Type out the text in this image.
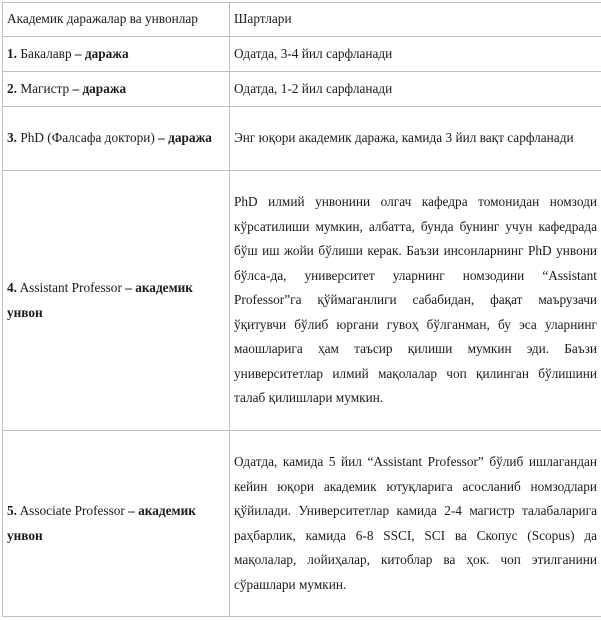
Академик даражалар ва унвонлар	Шартлари
1. Бакалавр – даража	Одатда, 3-4 йил сарфланади
2. Магистр – даража	Одатда, 1-2 йил сарфланади
3. PhD (Фалсафа доктори) – даража	Энг юқори академик даража, камида 3 йил вақт сарфланади
4. Assistant Professor – академик унвон	PhD илмий унвонини олгач кафедра томонидан номзоди кўрсатилиши мумкин, албатта, бунда бунинг учун кафедрада бўш иш жойи бўлиши керак. Баъзи инсонларнинг PhD унвони бўлса-да, университет уларнинг номзодини “Assistant Professor”га қўймаганлиги сабабидан, фақат маърузачи ўқитувчи бўлиб юргани гувоҳ бўлганман, бу эса уларнинг маошларига ҳам таъсир қилиши мумкин эди. Баъзи университетлар илмий мақолалар чоп қилинган бўлишини талаб қилишлари мумкин.
5. Associate Professor – академик унвон	Одатда, камида 5 йил “Assistant Professor” бўлиб ишлагандан кейин юқори академик ютуқларига асосланиб номзодлари қўйилади. Университетлар камида 2-4 магистр талабаларига раҳбарлик, камида 6-8 SSCI, SCI ва Скопус (Scopus) да мақолалар, лойиҳалар, китоблар ва ҳок. чоп этилганини сўрашлари мумкин.
